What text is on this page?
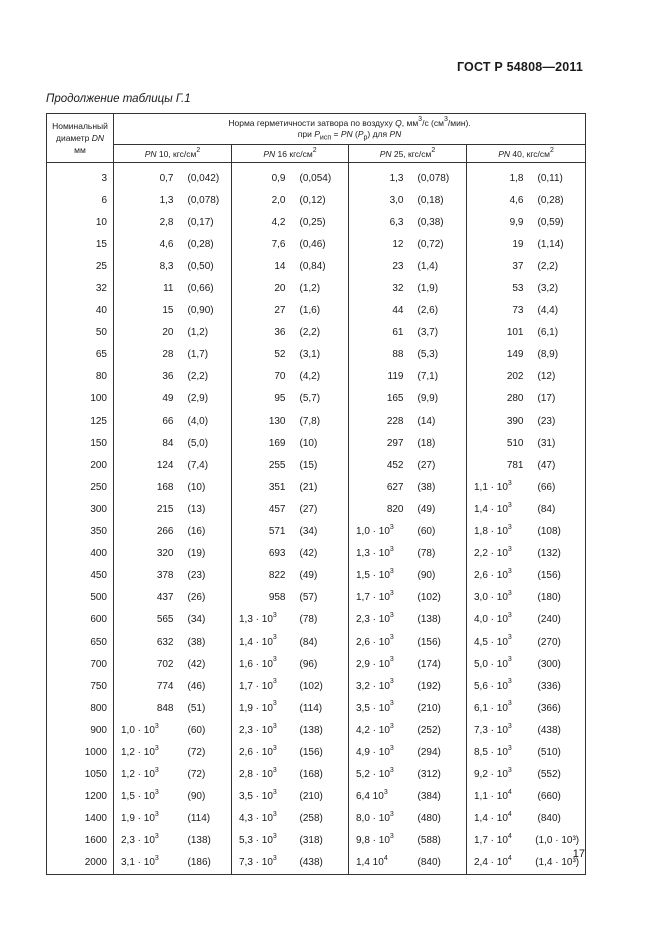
ГОСТ Р 54808—2011
Продолжение таблицы Г.1
Номинальный
диаметр DN
мм	Норма герметичности затвора по воздуху Q, $мм^3/с$ $(см^3/мин)$.
при $P_{исп}$ = PN $(P_р)$ для PN							
	PN 10, кгс/$см^2$		PN 16 кгс/$см^2$		PN 25, кгс/$см^2$		PN 40, кгс/$см^2$
3	0,7	(0,042)	0,9	(0,054)	1,3	(0,078)	1,8	(0,11)
6	1,3	(0,078)	2,0	(0,12)	3,0	(0,18)	4,6	(0,28)
10	2,8	(0,17)	4,2	(0,25)	6,3	(0,38)	9,9	(0,59)
15	4,6	(0,28)	7,6	(0,46)	12	(0,72)	19	(1,14)
25	8,3	(0,50)	14	(0,84)	23	(1,4)	37	(2,2)
32	11	(0,66)	20	(1,2)	32	(1,9)	53	(3,2)
40	15	(0,90)	27	(1,6)	44	(2,6)	73	(4,4)
50	20	(1,2)	36	(2,2)	61	(3,7)	101	(6,1)
65	28	(1,7)	52	(3,1)	88	(5,3)	149	(8,9)
80	36	(2,2)	70	(4,2)	119	(7,1)	202	(12)
100	49	(2,9)	95	(5,7)	165	(9,9)	280	(17)
125	66	(4,0)	130	(7,8)	228	(14)	390	(23)
150	84	(5,0)	169	(10)	297	(18)	510	(31)
200	124	(7,4)	255	(15)	452	(27)	781	(47)
250	168	(10)	351	(21)	627	(38)	$1,1 \cdot 10^3$	(66)
300	215	(13)	457	(27)	820	(49)	$1,4 \cdot 10^3$	(84)
350	266	(16)	571	(34)	$1,0 \cdot 10^3$	(60)	$1,8 \cdot 10^3$	(108)
400	320	(19)	693	(42)	$1,3 \cdot 10^3$	(78)	$2,2 \cdot 10^3$	(132)
450	378	(23)	822	(49)	$1,5 \cdot 10^3$	(90)	$2,6 \cdot 10^3$	(156)
500	437	(26)	958	(57)	$1,7 \cdot 10^3$	(102)	$3,0 \cdot 10^3$	(180)
600	565	(34)	$1,3 \cdot 10^3$	(78)	$2,3 \cdot 10^3$	(138)	$4,0 \cdot 10^3$	(240)
650	632	(38)	$1,4 \cdot 10^3$	(84)	$2,6 \cdot 10^3$	(156)	$4,5 \cdot 10^3$	(270)
700	702	(42)	$1,6 \cdot 10^3$	(96)	$2,9 \cdot 10^3$	(174)	$5,0 \cdot 10^3$	(300)
750	774	(46)	$1,7 \cdot 10^3$	(102)	$3,2 \cdot 10^3$	(192)	$5,6 \cdot 10^3$	(336)
800	848	(51)	$1,9 \cdot 10^3$	(114)	$3,5 \cdot 10^3$	(210)	$6,1 \cdot 10^3$	(366)
900	$1,0 \cdot 10^3$	(60)	$2,3 \cdot 10^3$	(138)	$4,2 \cdot 10^3$	(252)	$7,3 \cdot 10^3$	(438)
1000	$1,2 \cdot 10^3$	(72)	$2,6 \cdot 10^3$	(156)	$4,9 \cdot 10^3$	(294)	$8,5 \cdot 10^3$	(510)
1050	$1,2 \cdot 10^3$	(72)	$2,8 \cdot 10^3$	(168)	$5,2 \cdot 10^3$	(312)	$9,2 \cdot 10^3$	(552)
1200	$1,5 \cdot 10^3$	(90)	$3,5 \cdot 10^3$	(210)	6,4 $10^3$	(384)	$1,1 \cdot 10^4$	(660)
1400	$1,9 \cdot 10^3$	(114)	$4,3 \cdot 10^3$	(258)	$8,0 \cdot 10^3$	(480)	$1,4 \cdot 10^4$	(840)
1600	$2,3 \cdot 10^3$	(138)	$5,3 \cdot 10^3$	(318)	$9,8 \cdot 10^3$	(588)	$1,7 \cdot 10^4$	(1,0 · 10³)
2000	$3,1 \cdot 10^3$	(186)	$7,3 \cdot 10^3$	(438)	1,4 $10^4$	(840)	$2,4 \cdot 10^4$	(1,4 · 10³)
17
